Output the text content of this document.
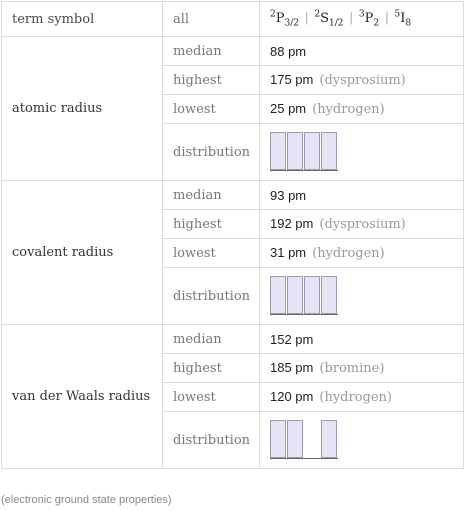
term symbol	all	$^2P_{3/2}$ | $^2S_{1/2}$ | $^3P_2$ | $^5I_8$
atomic radius	median	88 pm
	highest	175 pm (dysprosium)
	lowest	25 pm (hydrogen)
	distribution	

covalent radius	median	93 pm
	highest	192 pm (dysprosium)
	lowest	31 pm (hydrogen)
	distribution	

van der Waals radius	median	152 pm
	highest	185 pm (bromine)
	lowest	120 pm (hydrogen)
	distribution	
(electronic ground state properties)
